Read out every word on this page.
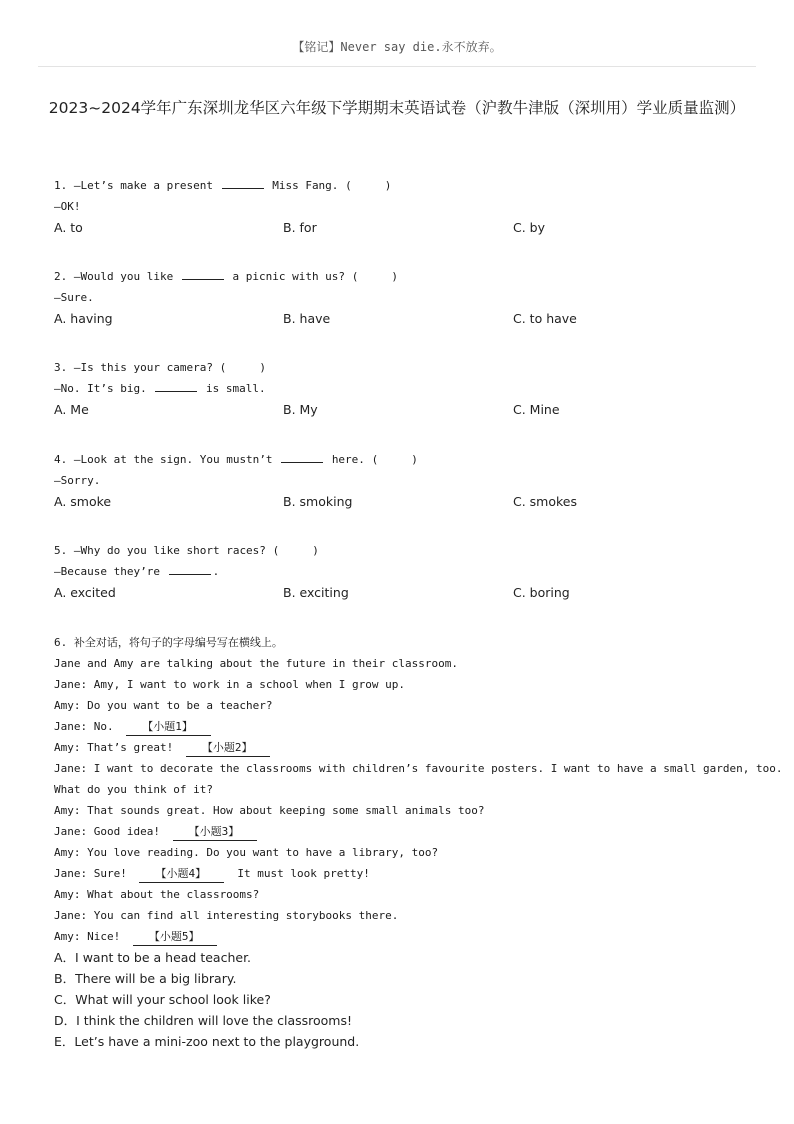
【铭记】Never say die.永不放弃。
2023~2024学年广东深圳龙华区六年级下学期期末英语试卷（沪教牛津版（深圳用）学业质量监测）
1. —Let’s make a present	Miss Fang. (     )
—OK!
A. to	B. for	C. by
2. —Would you like	a picnic with us? (     )
—Sure.
A. having	B. have	C. to have
3. —Is this your camera? (     )
—No. It’s big.	is small.
A. Me	B. My	C. Mine
4. —Look at the sign. You mustn’t	here. (     )
—Sorry.
A. smoke	B. smoking	C. smokes
5. —Why do you like short races? (     )
—Because they’re	.
A. excited	B. exciting	C. boring
6. 补全对话，将句子的字母编号写在横线上。
Jane and Amy are talking about the future in their classroom.
Jane: Amy, I want to work in a school when I grow up.
Amy: Do you want to be a teacher?
Jane: No.	【小题1】
Amy: That’s great!	【小题2】
Jane: I want to decorate the classrooms with children’s favourite posters. I want to have a small garden, too.
What do you think of it?
Amy: That sounds great. How about keeping some small animals too?
Jane: Good idea!	【小题3】
Amy: You love reading. Do you want to have a library, too?
Jane: Sure!	【小题4】	It must look pretty!
Amy: What about the classrooms?
Jane: You can find all interesting storybooks there.
Amy: Nice!	【小题5】
A．I want to be a head teacher.
B．There will be a big library.
C．What will your school look like?
D．I think the children will love the classrooms!
E．Let’s have a mini-zoo next to the playground.
